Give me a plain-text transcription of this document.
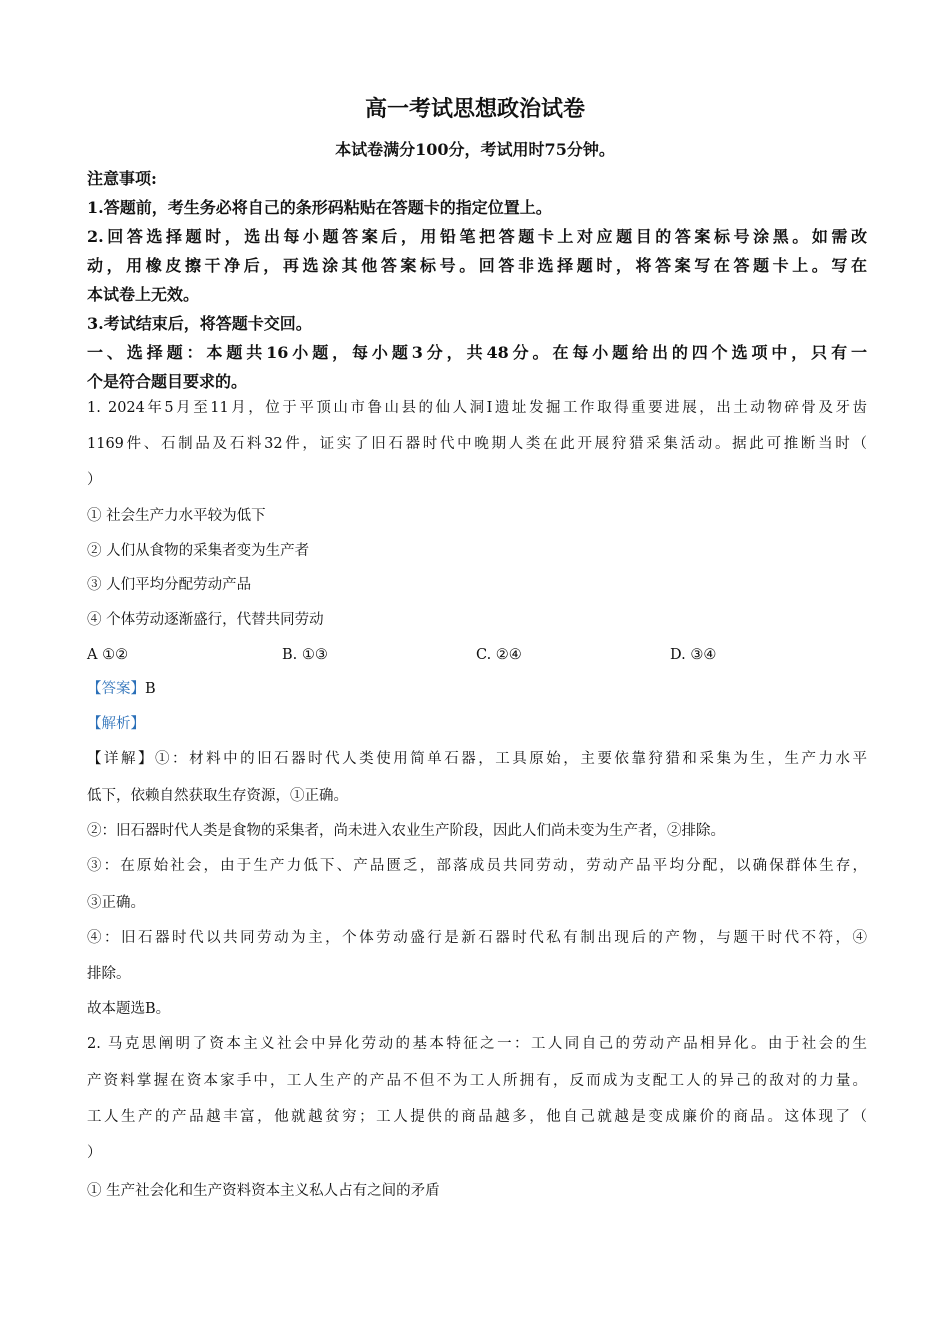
高一考试思想政治试卷
本试卷满分100分，考试用时75分钟。
注意事项:
1.答题前，考生务必将自己的条形码粘贴在答题卡的指定位置上。
2.回答选择题时，选出每小题答案后，用铅笔把答题卡上对应题目的答案标号涂黑。如需改
动，用橡皮擦干净后，再选涂其他答案标号。回答非选择题时，将答案写在答题卡上。写在
本试卷上无效。
3.考试结束后，将答题卡交回。
一、选择题：本题共16小题，每小题3分，共48分。在每小题给出的四个选项中，只有一
个是符合题目要求的。
1. 2024年5月至11月，位于平顶山市鲁山县的仙人洞Ⅰ遗址发掘工作取得重要进展，出土动物碎骨及牙齿
1169件、石制品及石料32件，证实了旧石器时代中晚期人类在此开展狩猎采集活动。据此可推断当时（
）
① 社会生产力水平较为低下
② 人们从食物的采集者变为生产者
③ 人们平均分配劳动产品
④ 个体劳动逐渐盛行，代替共同劳动
A ①②	B. ①③	C. ②④	D. ③④
【答案】B
【解析】
【详解】①：材料中的旧石器时代人类使用简单石器，工具原始，主要依靠狩猎和采集为生，生产力水平
低下，依赖自然获取生存资源，①正确。
②：旧石器时代人类是食物的采集者，尚未进入农业生产阶段，因此人们尚未变为生产者，②排除。
③：在原始社会，由于生产力低下、产品匮乏，部落成员共同劳动，劳动产品平均分配，以确保群体生存，
③正确。
④：旧石器时代以共同劳动为主，个体劳动盛行是新石器时代私有制出现后的产物，与题干时代不符，④
排除。
故本题选B。
2. 马克思阐明了资本主义社会中异化劳动的基本特征之一：工人同自己的劳动产品相异化。由于社会的生
产资料掌握在资本家手中，工人生产的产品不但不为工人所拥有，反而成为支配工人的异己的敌对的力量。
工人生产的产品越丰富，他就越贫穷；工人提供的商品越多，他自己就越是变成廉价的商品。这体现了（
）
① 生产社会化和生产资料资本主义私人占有之间的矛盾
